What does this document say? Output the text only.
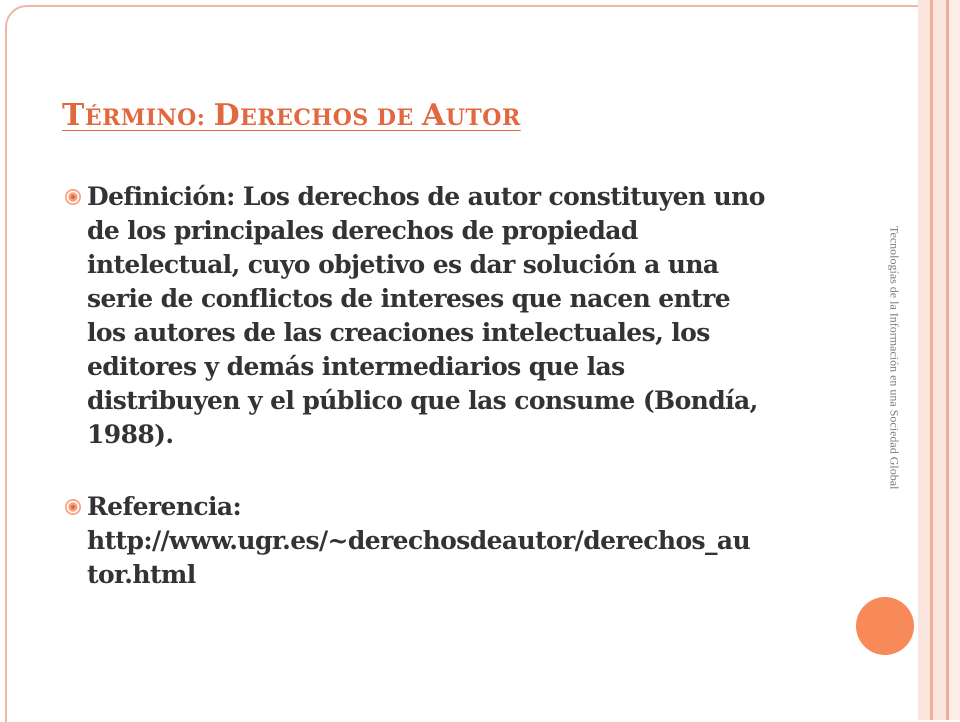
Tecnologías de la Información en una Sociedad Global
TÉRMINO: DERECHOS DE AUTOR
Definición: Los derechos de autor constituyen uno
de los principales derechos de propiedad
intelectual, cuyo objetivo es dar solución a una
serie de conflictos de intereses que nacen entre
los autores de las creaciones intelectuales, los
editores y demás intermediarios que las
distribuyen y el público que las consume (Bondía,
1988).
Referencia:
http://www.ugr.es/~derechosdeautor/derechos_au
tor.html
